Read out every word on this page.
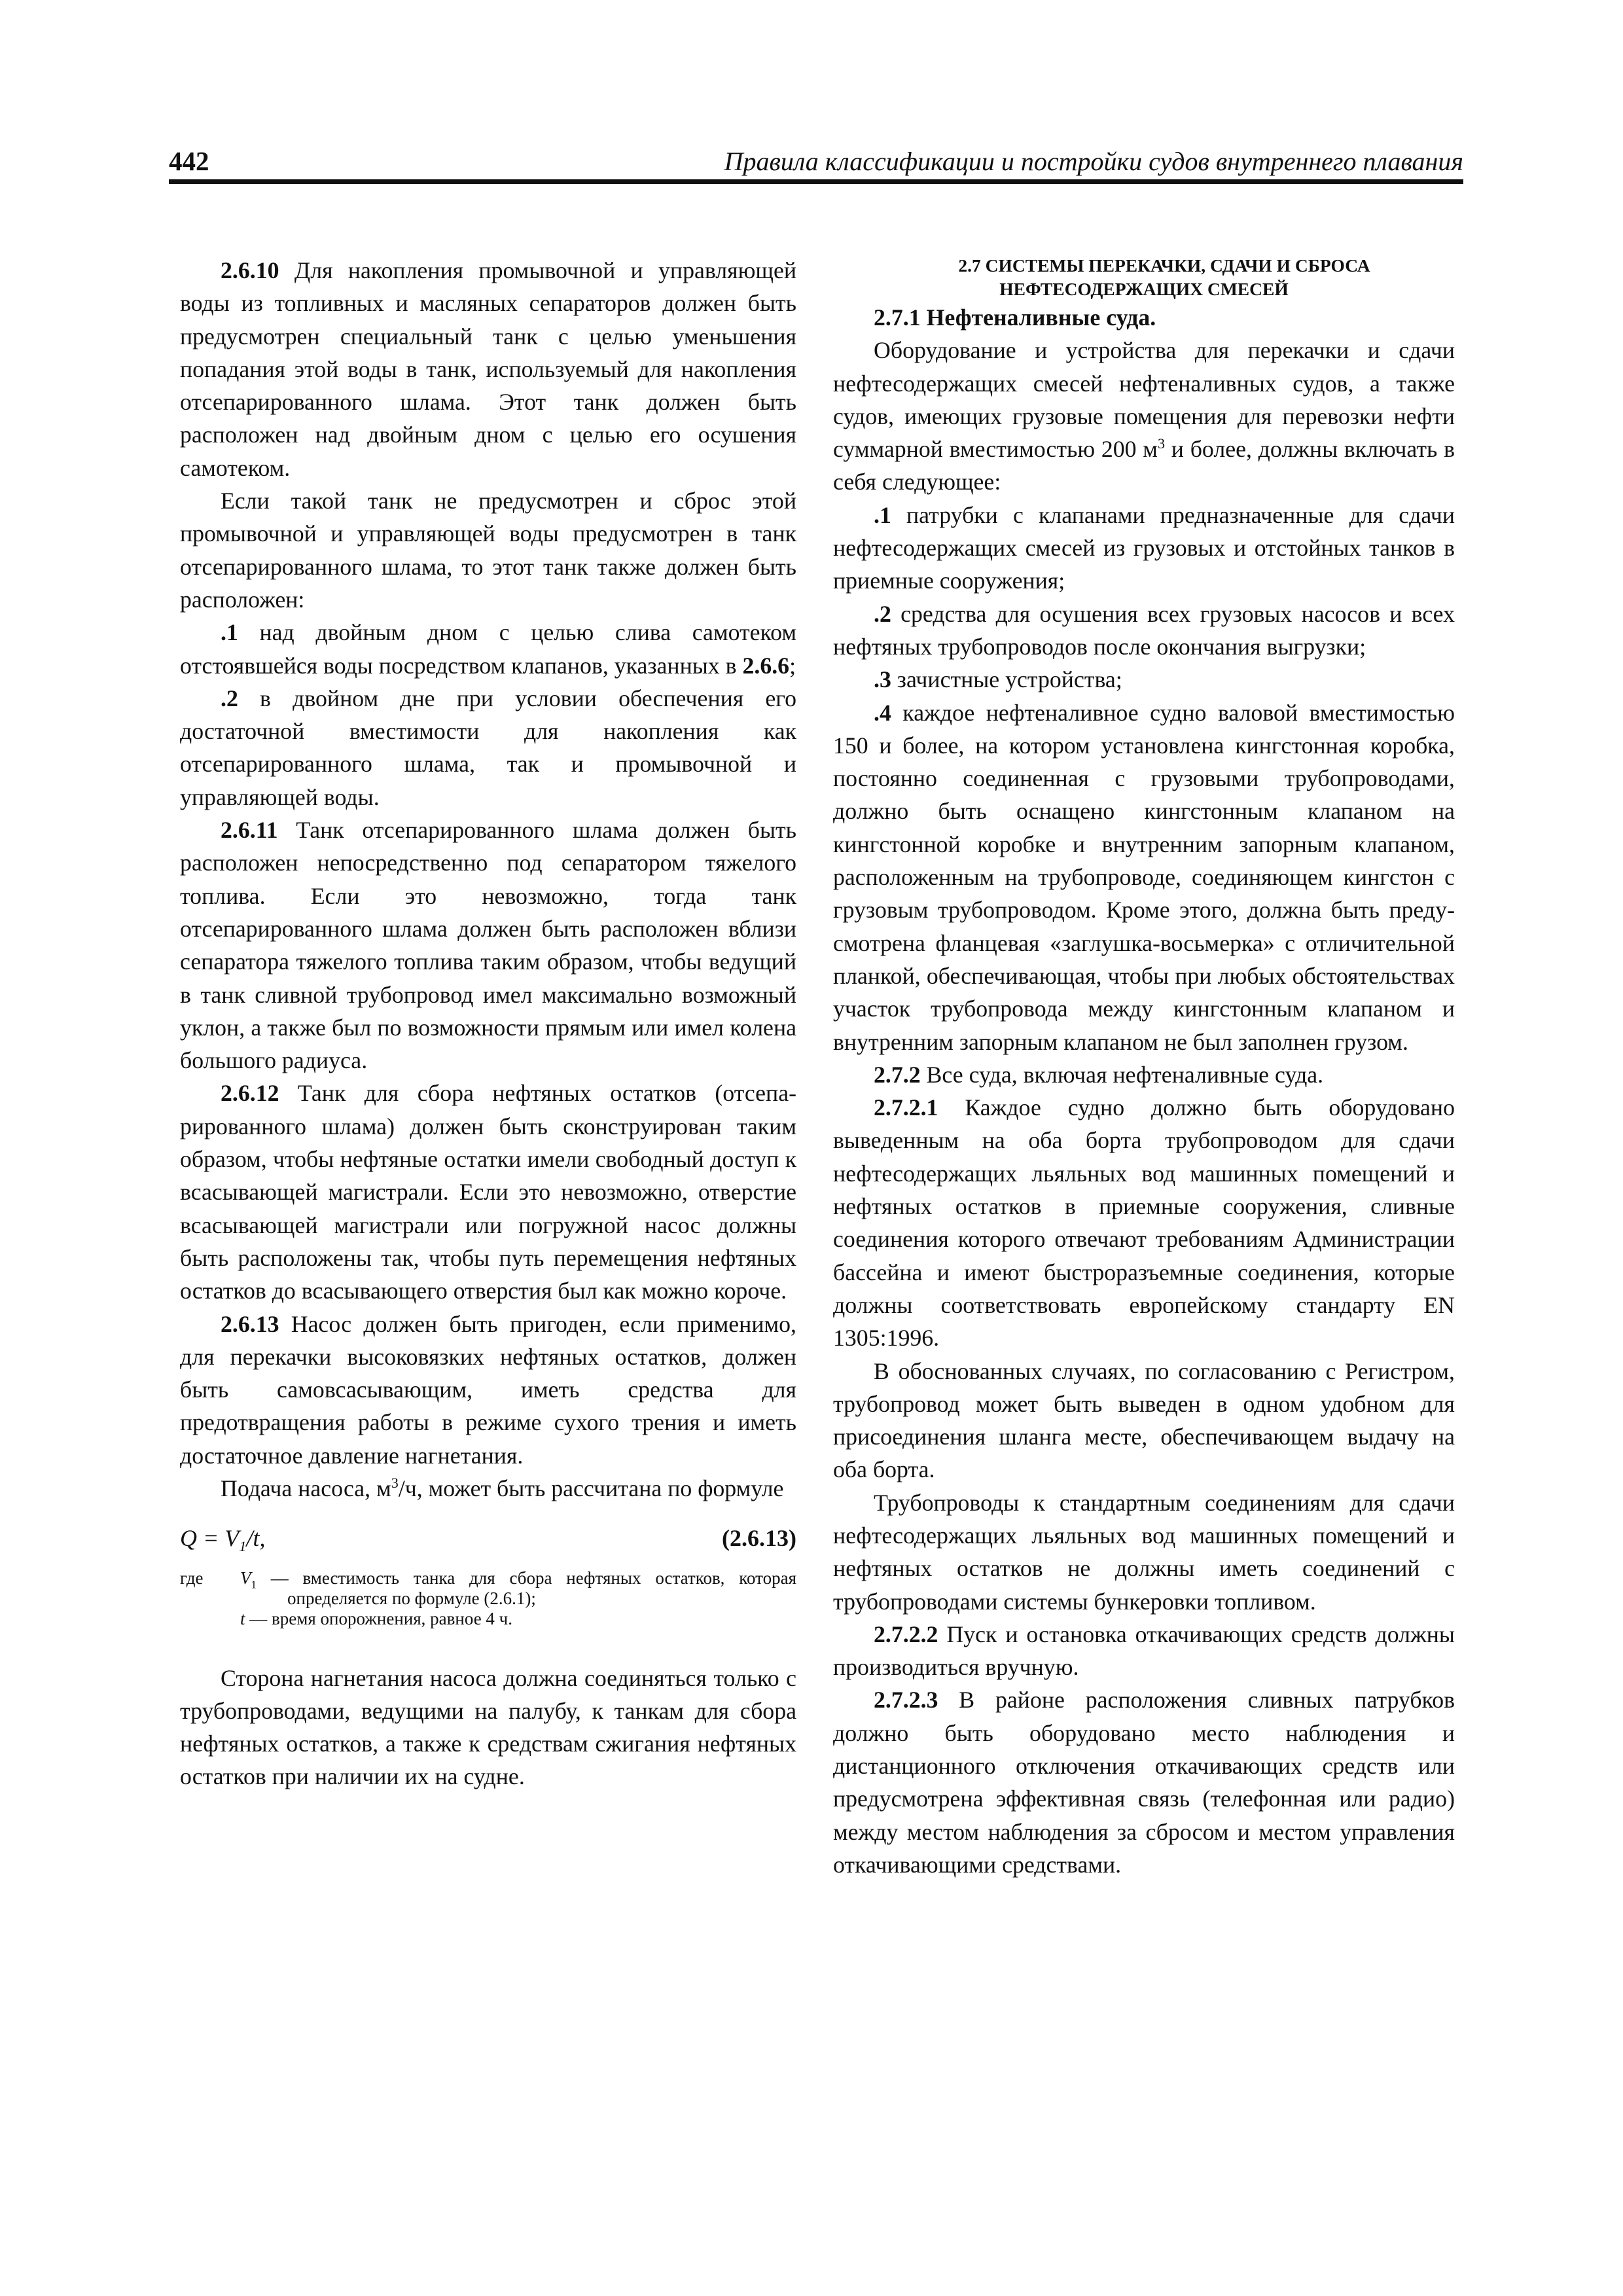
442	Правила классификации и постройки судов внутреннего плавания

2.6.10 Для накопления промывочной и управляющей воды из топливных и масляных сепараторов должен быть предусмотрен специальный танк с целью уменьшения попадания этой воды в танк, используемый для накопления отсепарированного шлама. Этот танк должен быть расположен над двойным дном с целью его осушения самотеком.

Если такой танк не предусмотрен и сброс этой промывочной и управляющей воды предусмотрен в танк отсепарированного шлама, то этот танк также должен быть расположен:

.1 над двойным дном с целью слива самотеком отстоявшейся воды посредством клапанов, указанных в 2.6.6;

.2 в двойном дне при условии обеспечения его достаточной вместимости для накопления как отсепарированного шлама, так и промывочной и управляющей воды.

2.6.11 Танк отсепарированного шлама должен быть расположен непосредственно под сепаратором тяжелого топлива. Если это невозможно, тогда танк отсепарированного шлама должен быть расположен вблизи сепаратора тяжелого топлива таким образом, чтобы ведущий в танк сливной трубопровод имел максимально возможный уклон, а также был по возможности прямым или имел колена большого радиуса.

2.6.12 Танк для сбора нефтяных остатков (отсепарированного шлама) должен быть сконструирован таким образом, чтобы нефтяные остатки имели свободный доступ к всасывающей магистрали. Если это невозможно, отверстие всасывающей магистрали или погружной насос должны быть расположены так, чтобы путь перемещения нефтяных остатков до всасывающего отверстия был как можно короче.

2.6.13 Насос должен быть пригоден, если применимо, для перекачки высоковязких нефтяных остатков, должен быть самовсасывающим, иметь средства для предотвращения работы в режиме сухого трения и иметь достаточное давление нагнетания.

Подача насоса, $м^3/ч$, может быть рассчитана по формуле

$Q = V_1/t$,	(2.6.13)
где	$V_1$ — вместимость танка для сбора нефтяных остатков, которая определяется по формуле (2.6.1);
t — время опорожнения, равное 4 ч.

Сторона нагнетания насоса должна соединяться только с трубопроводами, ведущими на палубу, к танкам для сбора нефтяных остатков, а также к средствам сжигания нефтяных остатков при наличии их на судне.

2.7 СИСТЕМЫ ПЕРЕКАЧКИ, СДАЧИ И СБРОСА НЕФТЕСОДЕРЖАЩИХ СМЕСЕЙ

2.7.1 Нефтеналивные суда.

Оборудование и устройства для перекачки и сдачи нефтесодержащих смесей нефтеналивных судов, а также судов, имеющих грузовые помещения для перевозки нефти суммарной вместимостью 200 $м^3$ и более, должны включать в себя следующее:

.1 патрубки с клапанами предназначенные для сдачи нефтесодержащих смесей из грузовых и отстойных танков в приемные сооружения;

.2 средства для осушения всех грузовых насосов и всех нефтяных трубопроводов после окончания выгрузки;

.3 зачистные устройства;

.4 каждое нефтеналивное судно валовой вместимостью 150 и более, на котором установлена кингстонная коробка, постоянно соединенная с грузовыми трубопроводами, должно быть оснащено кингстонным клапаном на кингстонной коробке и внутренним запорным клапаном, расположенным на трубопроводе, соединяющем кингстон с грузовым трубопроводом. Кроме этого, должна быть предусмотрена фланцевая «заглушка-восьмерка» с отличительной планкой, обеспечивающая, чтобы при любых обстоятельствах участок трубопровода между кингстонным клапаном и внутренним запорным клапаном не был заполнен грузом.

2.7.2 Все суда, включая нефтеналивные суда.

2.7.2.1 Каждое судно должно быть оборудовано выведенным на оба борта трубопроводом для сдачи нефтесодержащих льяльных вод машинных помещений и нефтяных остатков в приемные сооружения, сливные соединения которого отвечают требованиям Администрации бассейна и имеют быстроразъемные соединения, которые должны соответствовать европейскому стандарту EN 1305:1996.

В обоснованных случаях, по согласованию с Регистром, трубопровод может быть выведен в одном удобном для присоединения шланга месте, обеспечивающем выдачу на оба борта.

Трубопроводы к стандартным соединениям для сдачи нефтесодержащих льяльных вод машинных помещений и нефтяных остатков не должны иметь соединений с трубопроводами системы бункеровки топливом.

2.7.2.2 Пуск и остановка откачивающих средств должны производиться вручную.

2.7.2.3 В районе расположения сливных патрубков должно быть оборудовано место наблюдения и дистанционного отключения откачивающих средств или предусмотрена эффективная связь (телефонная или радио) между местом наблюдения за сбросом и местом управления откачивающими средствами.
